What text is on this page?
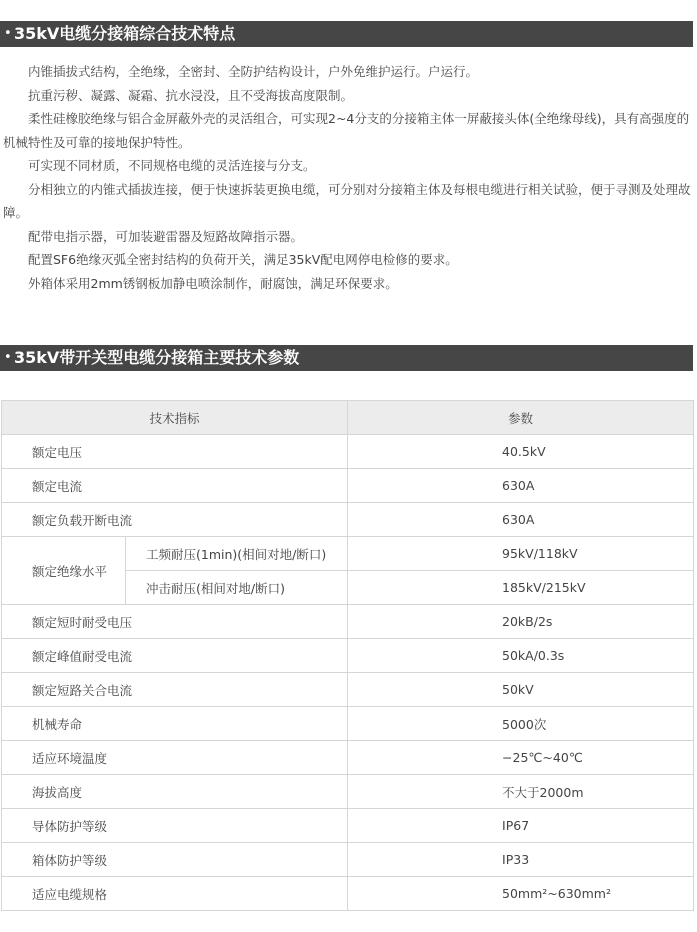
• 35kV电缆分接箱综合技术特点

内锥插拔式结构，全绝缘，全密封、全防护结构设计，户外免维护运行。户运行。

抗重污秽、凝露、凝霜、抗水浸没，且不受海拔高度限制。

柔性硅橡胶绝缘与铝合金屏蔽外壳的灵活组合，可实现2~4分支的分接箱主体一屏蔽接头体(全绝缘母线)，具有高强度的机械特性及可靠的接地保护特性。

可实现不同材质，不同规格电缆的灵活连接与分支。

分相独立的内锥式插拔连接，便于快速拆装更换电缆，可分别对分接箱主体及每根电缆进行相关试验，便于寻测及处理故障。

配带电指示器，可加装避雷器及短路故障指示器。

配置SF6绝缘灭弧全密封结构的负荷开关，满足35kV配电网停电检修的要求。

外箱体采用2mm锈钢板加静电喷涂制作，耐腐蚀，满足环保要求。

• 35kV带开关型电缆分接箱主要技术参数
技术指标		参数
额定电压		40.5kV
额定电流		630A
额定负载开断电流		630A
额定绝缘水平	工频耐压(1min)(相间对地/断口)	95kV/118kV
	冲击耐压(相间对地/断口)	185kV/215kV
额定短时耐受电压		20kB/2s
额定峰值耐受电流		50kA/0.3s
额定短路关合电流		50kV
机械寿命		5000次
适应环境温度		−25℃~40℃
海拔高度		不大于2000m
导体防护等级		IP67
箱体防护等级		IP33
适应电缆规格		50mm²~630mm²
